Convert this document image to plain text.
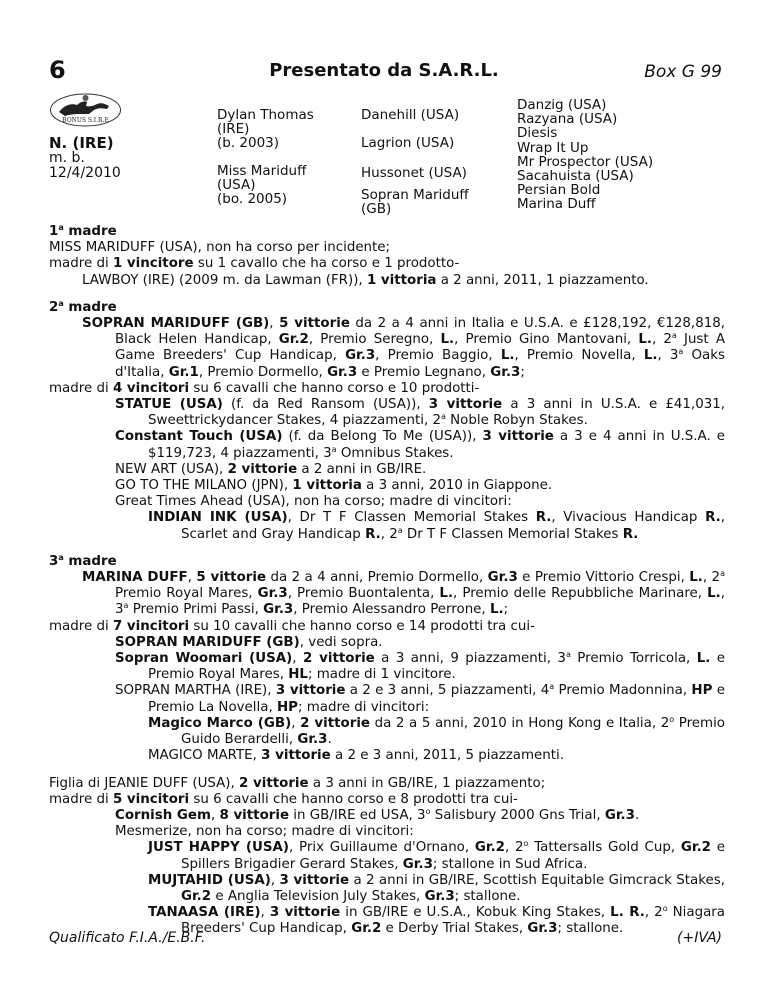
6	Presentato da S.A.R.L.	Box G 99
BONUS S.I.R.E
N. (IRE)
m. b.
12/4/2010
Dylan Thomas
(IRE)
(b. 2003)
Miss Mariduff
(USA)
(bo. 2005)
Danehill (USA)
Lagrion (USA)
Hussonet (USA)
Sopran Mariduff
(GB)
Danzig (USA)
Razyana (USA)
Diesis
Wrap It Up
Mr Prospector (USA)
Sacahuista (USA)
Persian Bold
Marina Duff

1$^a$ madre

MISS MARIDUFF (USA), non ha corso per incidente;

madre di 1 vincitore su 1 cavallo che ha corso e 1 prodotto-

LAWBOY (IRE) (2009 m. da Lawman (FR)), 1 vittoria a 2 anni, 2011, 1 piazzamento.

2$^a$ madre

SOPRAN MARIDUFF (GB), 5 vittorie da 2 a 4 anni in Italia e U.S.A. e £128,192, €128,818, Black Helen Handicap, Gr.2, Premio Seregno, L., Premio Gino Mantovani, L., 2$^a$ Just A Game Breeders' Cup Handicap, Gr.3, Premio Baggio, L., Premio Novella, L., 3$^a$ Oaks d'Italia, Gr.1, Premio Dormello, Gr.3 e Premio Legnano, Gr.3;

madre di 4 vincitori su 6 cavalli che hanno corso e 10 prodotti-

STATUE (USA) (f. da Red Ransom (USA)), 3 vittorie a 3 anni in U.S.A. e £41,031, Sweettrickydancer Stakes, 4 piazzamenti, 2$^a$ Noble Robyn Stakes.

Constant Touch (USA) (f. da Belong To Me (USA)), 3 vittorie a 3 e 4 anni in U.S.A. e $119,723, 4 piazzamenti, 3$^a$ Omnibus Stakes.

NEW ART (USA), 2 vittorie a 2 anni in GB/IRE.

GO TO THE MILANO (JPN), 1 vittoria a 3 anni, 2010 in Giappone.

Great Times Ahead (USA), non ha corso; madre di vincitori:

INDIAN INK (USA), Dr T F Classen Memorial Stakes R., Vivacious Handicap R., Scarlet and Gray Handicap R., 2$^a$ Dr T F Classen Memorial Stakes R.

3$^a$ madre

MARINA DUFF, 5 vittorie da 2 a 4 anni, Premio Dormello, Gr.3 e Premio Vittorio Crespi, L., 2$^a$ Premio Royal Mares, Gr.3, Premio Buontalenta, L., Premio delle Repubbliche Marinare, L., 3$^a$ Premio Primi Passi, Gr.3, Premio Alessandro Perrone, L.;

madre di 7 vincitori su 10 cavalli che hanno corso e 14 prodotti tra cui-

SOPRAN MARIDUFF (GB), vedi sopra.

Sopran Woomari (USA), 2 vittorie a 3 anni, 9 piazzamenti, 3$^a$ Premio Torricola, L. e Premio Royal Mares, HL; madre di 1 vincitore.

SOPRAN MARTHA (IRE), 3 vittorie a 2 e 3 anni, 5 piazzamenti, 4$^a$ Premio Madonnina, HP e Premio La Novella, HP; madre di vincitori:

Magico Marco (GB), 2 vittorie da 2 a 5 anni, 2010 in Hong Kong e Italia, 2$^o$ Premio Guido Berardelli, Gr.3.

MAGICO MARTE, 3 vittorie a 2 e 3 anni, 2011, 5 piazzamenti.

Figlia di JEANIE DUFF (USA), 2 vittorie a 3 anni in GB/IRE, 1 piazzamento;

madre di 5 vincitori su 6 cavalli che hanno corso e 8 prodotti tra cui-

Cornish Gem, 8 vittorie in GB/IRE ed USA, 3$^o$ Salisbury 2000 Gns Trial, Gr.3.

Mesmerize, non ha corso; madre di vincitori:

JUST HAPPY (USA), Prix Guillaume d'Ornano, Gr.2, 2$^o$ Tattersalls Gold Cup, Gr.2 e Spillers Brigadier Gerard Stakes, Gr.3; stallone in Sud Africa.

MUJTAHID (USA), 3 vittorie a 2 anni in GB/IRE, Scottish Equitable Gimcrack Stakes, Gr.2 e Anglia Television July Stakes, Gr.3; stallone.

TANAASA (IRE), 3 vittorie in GB/IRE e U.S.A., Kobuk King Stakes, L. R., 2$^o$ Niagara Breeders' Cup Handicap, Gr.2 e Derby Trial Stakes, Gr.3; stallone.

Qualificato F.I.A./E.B.F.	(+IVA)
